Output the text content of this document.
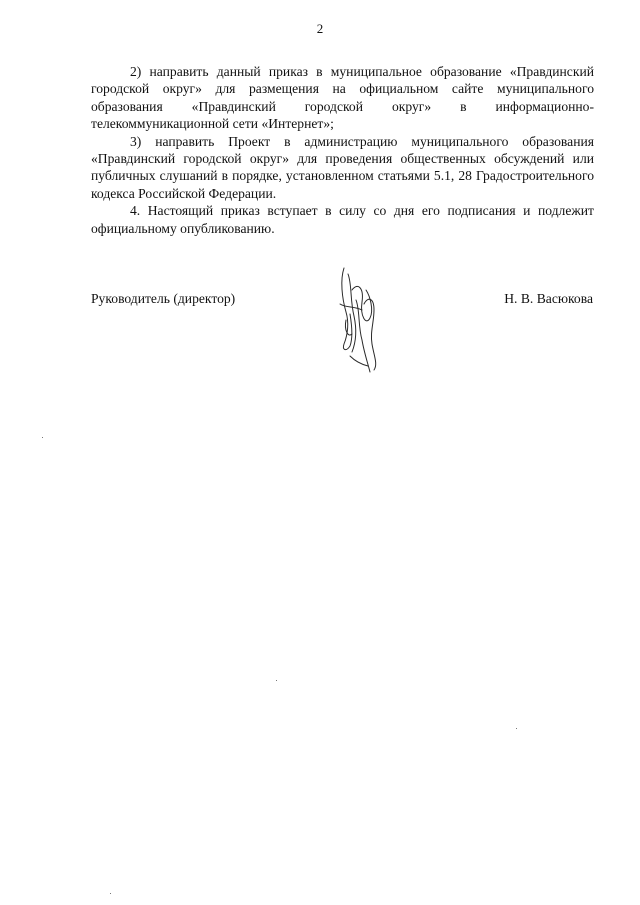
2

2) направить данный приказ в муниципальное образование «Правдинский городской округ» для размещения на официальном сайте муниципального образования «Правдинский городской округ» в информационно-телекоммуникационной сети «Интернет»;

3) направить Проект в администрацию муниципального образования «Правдинский городской округ» для проведения общественных обсуждений или публичных слушаний в порядке, установленном статьями 5.1, 28 Градостроительного кодекса Российской Федерации.

4. Настоящий приказ вступает в силу со дня его подписания и подлежит официальному опубликованию.

Руководитель (директор)	Н. В. Васюкова
